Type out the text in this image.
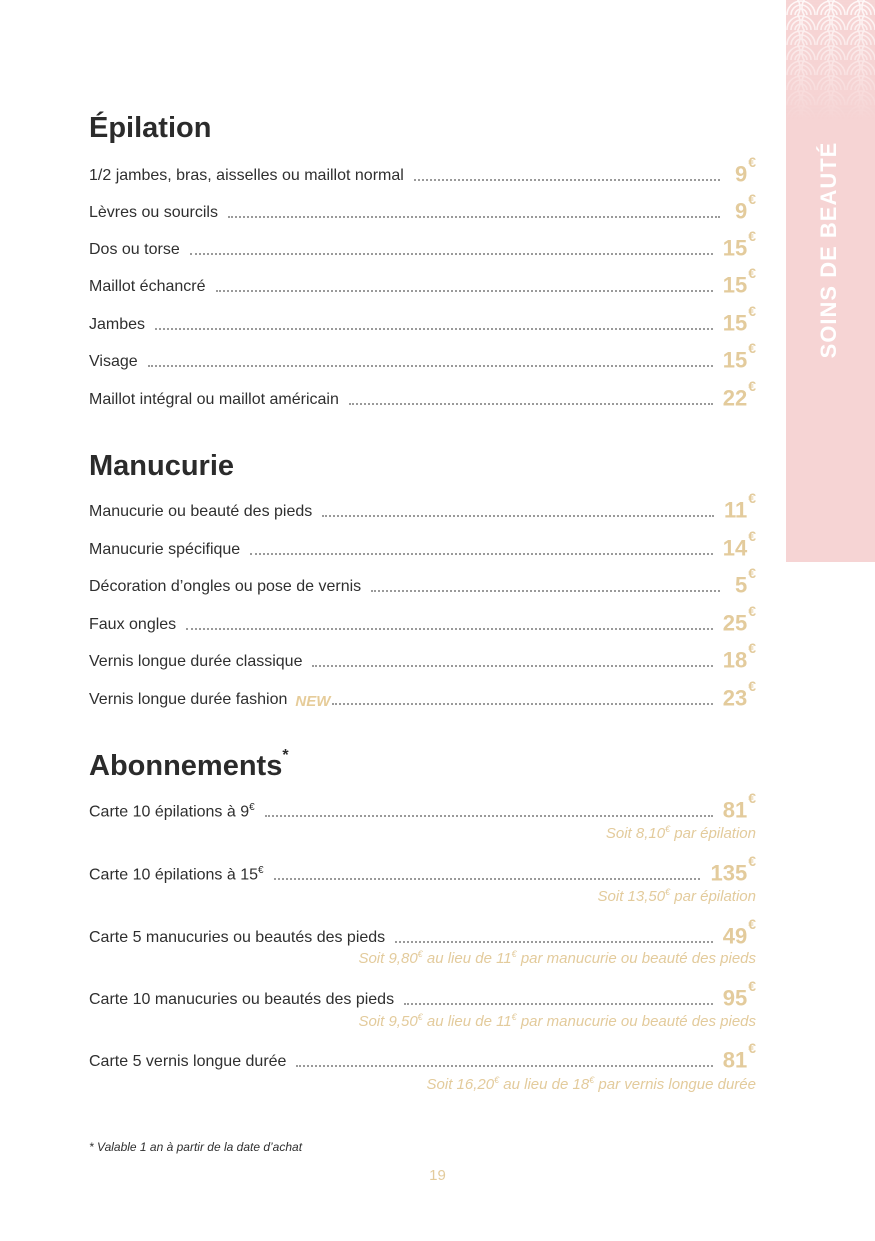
SOINS DE BEAUTÉ
Épilation
1/2 jambes, bras, aisselles ou maillot normal	9€
Lèvres ou sourcils	9€
Dos ou torse	15€
Maillot échancré	15€
Jambes	15€
Visage	15€
Maillot intégral ou maillot américain	22€
Manucurie
Manucurie ou beauté des pieds	11€
Manucurie spécifique	14€
Décoration d’ongles ou pose de vernis	5€
Faux ongles	25€
Vernis longue durée classique	18€
Vernis longue durée fashion NEW	23€
Abonnements*
Carte 10 épilations à 9€	81€
Soit 8,10€ par épilation
Carte 10 épilations à 15€	135€
Soit 13,50€ par épilation
Carte 5 manucuries ou beautés des pieds	49€
Soit 9,80€ au lieu de 11€ par manucurie ou beauté des pieds
Carte 10 manucuries ou beautés des pieds	95€
Soit 9,50€ au lieu de 11€ par manucurie ou beauté des pieds
Carte 5 vernis longue durée	81€
Soit 16,20€ au lieu de 18€ par vernis longue durée
* Valable 1 an à partir de la date d’achat
19
